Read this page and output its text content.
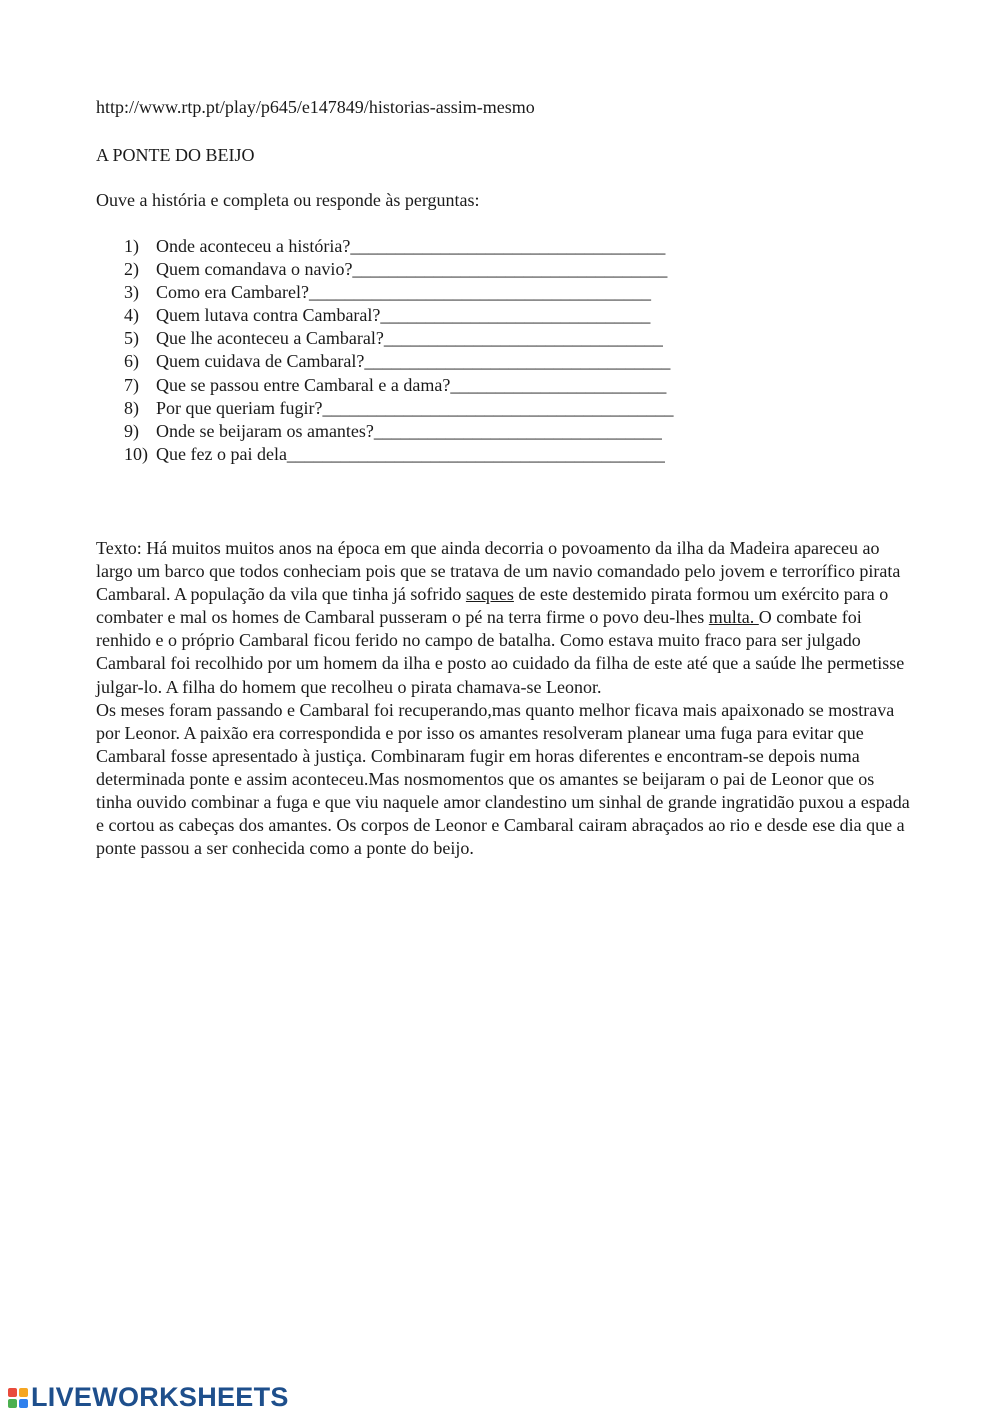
http://www.rtp.pt/play/p645/e147849/historias-assim-mesmo
A PONTE DO BEIJO
Ouve a história e completa ou responde às perguntas:
1) Onde aconteceu a história?___________________________________
2) Quem comandava o navio?___________________________________
3) Como era Cambarel?______________________________________
4) Quem lutava contra Cambaral?______________________________
5) Que lhe aconteceu a Cambaral?_______________________________
6) Quem cuidava de Cambaral?__________________________________
7) Que se passou entre Cambaral e a dama?________________________
8) Por que queriam fugir?_______________________________________
9) Onde se beijaram os amantes?________________________________
10) Que fez o pai dela__________________________________________

Texto: Há muitos muitos anos na época em que ainda decorria o povoamento da ilha da Madeira apareceu ao largo um barco que todos conheciam pois que se tratava de um navio comandado pelo jovem e terrorífico pirata Cambaral. A população da vila que tinha já sofrido saques de este destemido pirata formou um exército para o combater e mal os homes de Cambaral pusseram o pé na terra firme o povo deu-lhes multa. O combate foi renhido e o próprio Cambaral ficou ferido no campo de batalha. Como estava muito fraco para ser julgado Cambaral foi recolhido por um homem da ilha e posto ao cuidado da filha de este até que a saúde lhe permetisse julgar-lo. A filha do homem que recolheu o pirata chamava-se Leonor.

Os meses foram passando e Cambaral foi recuperando,mas quanto melhor ficava mais apaixonado se mostrava por Leonor. A paixão era correspondida e por isso os amantes resolveram planear uma fuga para evitar que Cambaral fosse apresentado à justiça. Combinaram fugir em horas diferentes e encontram-se depois numa determinada ponte e assim aconteceu.Mas nosmomentos que os amantes se beijaram o pai de Leonor que os tinha ouvido combinar a fuga e que viu naquele amor clandestino um sinhal de grande ingratidão puxou a espada e cortou as cabeças dos amantes. Os corpos de Leonor e Cambaral cairam abraçados ao rio e desde ese dia que a ponte passou a ser conhecida como a ponte do beijo.

LIVEWORKSHEETS
